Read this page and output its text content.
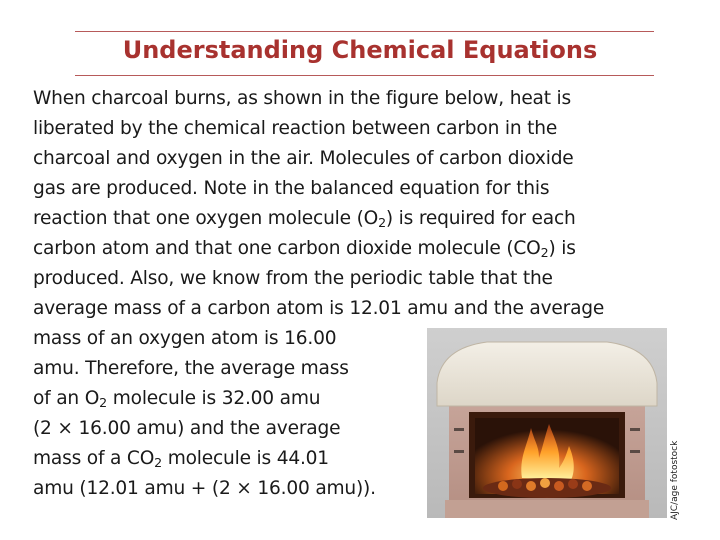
Understanding Chemical Equations
When charcoal burns, as shown in the figure below, heat is
liberated by the chemical reaction between carbon in the
charcoal and oxygen in the air. Molecules of carbon dioxide
gas are produced. Note in the balanced equation for this
reaction that one oxygen molecule $(O_2)$ is required for each
carbon atom and that one carbon dioxide molecule $(CO_2)$ is
produced. Also, we know from the periodic table that the
average mass of a carbon atom is 12.01 amu and the average
mass of an oxygen atom is 16.00
amu. Therefore, the average mass
of an $O_2$ molecule is 32.00 amu
(2 × 16.00 amu) and the average
mass of a $CO_2$ molecule is 44.01
amu (12.01 amu + (2 × 16.00 amu)).	AJC/age fotostock
